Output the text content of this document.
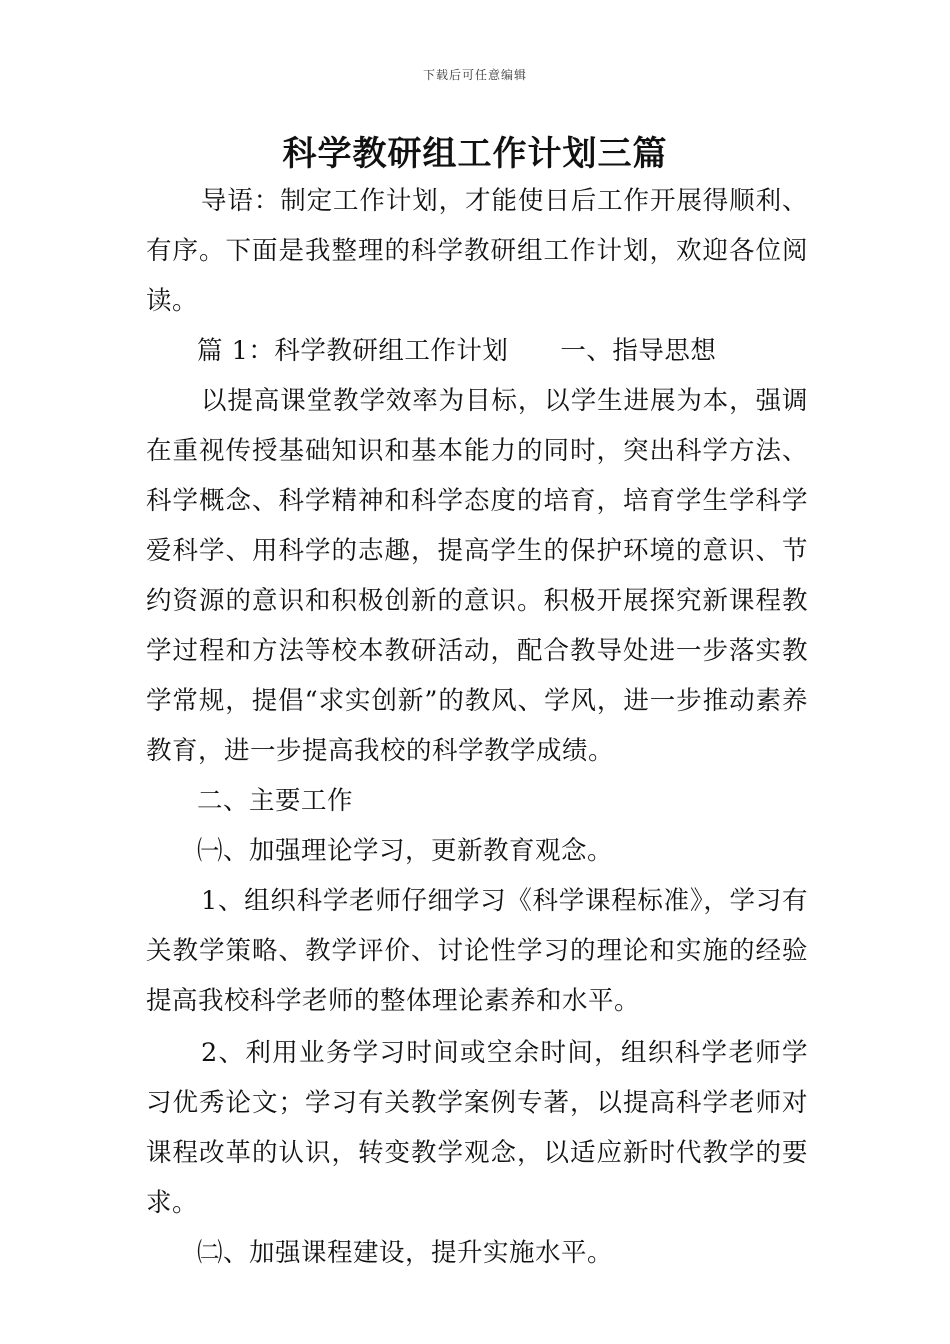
下载后可任意编辑
科学教研组工作计划三篇

导语：制定工作计划，才能使日后工作开展得顺利、有序。下面是我整理的科学教研组工作计划，欢迎各位阅读。

篇 1：科学教研组工作计划 一、指导思想

以提高课堂教学效率为目标，以学生进展为本，强调在重视传授基础知识和基本能力的同时，突出科学方法、科学概念、科学精神和科学态度的培育，培育学生学科学爱科学、用科学的志趣，提高学生的保护环境的意识、节约资源的意识和积极创新的意识。积极开展探究新课程教学过程和方法等校本教研活动，配合教导处进一步落实教学常规，提倡“求实创新”的教风、学风，进一步推动素养教育，进一步提高我校的科学教学成绩。

二、主要工作

㈠、加强理论学习，更新教育观念。

1、组织科学老师仔细学习《科学课程标准》，学习有关教学策略、教学评价、讨论性学习的理论和实施的经验提高我校科学老师的整体理论素养和水平。

2、利用业务学习时间或空余时间，组织科学老师学习优秀论文；学习有关教学案例专著，以提高科学老师对课程改革的认识，转变教学观念，以适应新时代教学的要求。

㈡、加强课程建设，提升实施水平。
